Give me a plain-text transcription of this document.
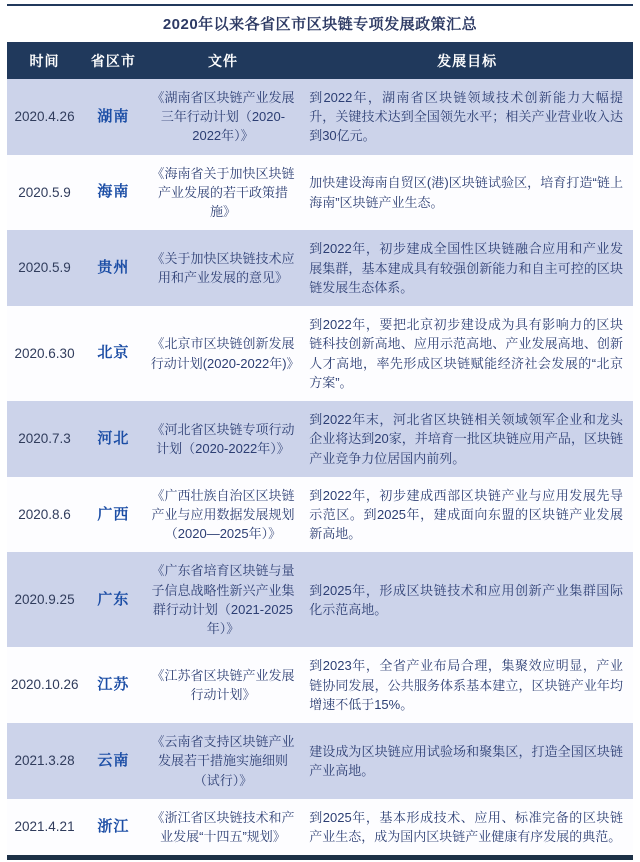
2020年以来各省区市区块链专项发展政策汇总
时间	省区市	文件	发展目标
2020.4.26	湖南	《湖南省区块链产业发展三年行动计划（2020-2022年）》	到2022年，湖南省区块链领域技术创新能力大幅提升，关键技术达到全国领先水平；相关产业营业收入达到30亿元。
2020.5.9	海南	《海南省关于加快区块链产业发展的若干政策措施》	加快建设海南自贸区(港)区块链试验区，培育打造“链上海南”区块链产业生态。
2020.5.9	贵州	《关于加快区块链技术应用和产业发展的意见》	到2022年，初步建成全国性区块链融合应用和产业发展集群，基本建成具有较强创新能力和自主可控的区块链发展生态体系。
2020.6.30	北京	《北京市区块链创新发展行动计划(2020-2022年)》	到2022年，要把北京初步建设成为具有影响力的区块链科技创新高地、应用示范高地、产业发展高地、创新人才高地，率先形成区块链赋能经济社会发展的“北京方案”。
2020.7.3	河北	《河北省区块链专项行动计划（2020-2022年）》	到2022年末，河北省区块链相关领域领军企业和龙头企业将达到20家，并培育一批区块链应用产品，区块链产业竞争力位居国内前列。
2020.8.6	广西	《广西壮族自治区区块链产业与应用数据发展规划（2020—2025年）》	到2022年，初步建成西部区块链产业与应用发展先导示范区。到2025年，建成面向东盟的区块链产业发展新高地。
2020.9.25	广东	《广东省培育区块链与量子信息战略性新兴产业集群行动计划（2021-2025年）》	到2025年，形成区块链技术和应用创新产业集群国际化示范高地。
2020.10.26	江苏	《江苏省区块链产业发展行动计划》	到2023年，全省产业布局合理，集聚效应明显，产业链协同发展，公共服务体系基本建立，区块链产业年均增速不低于15%。
2021.3.28	云南	《云南省支持区块链产业发展若干措施实施细则（试行）》	建设成为区块链应用试验场和聚集区，打造全国区块链产业高地。
2021.4.21	浙江	《浙江省区块链技术和产业发展“十四五”规划》	到2025年，基本形成技术、应用、标准完备的区块链产业生态，成为国内区块链产业健康有序发展的典范。
